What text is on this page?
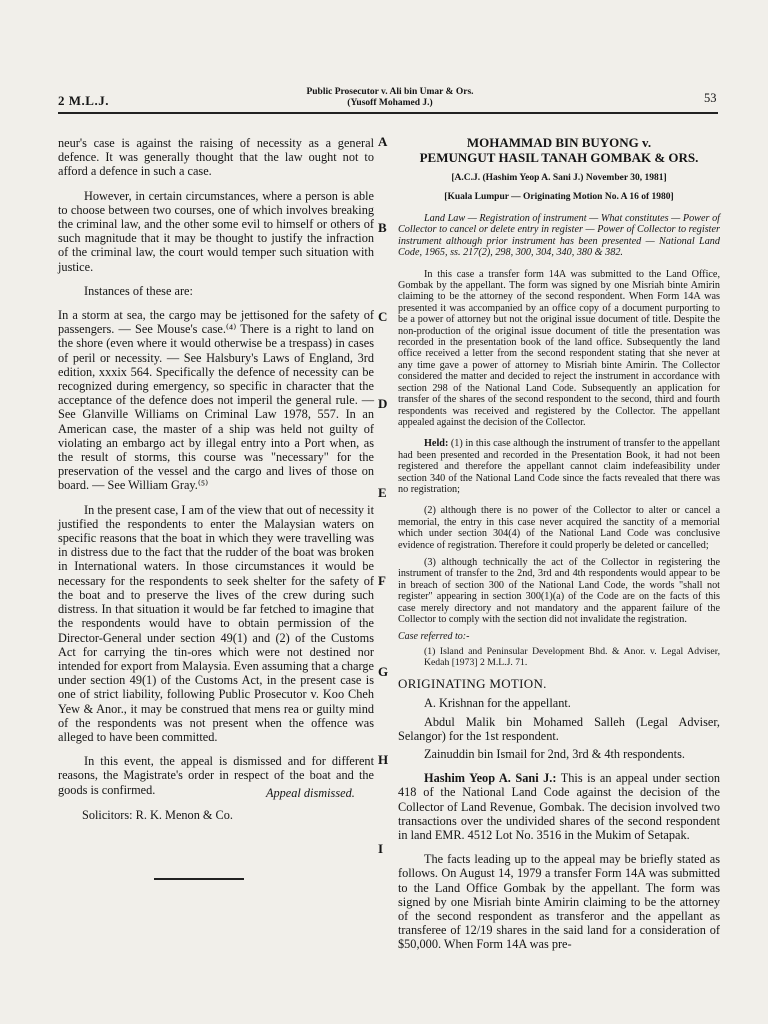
2 M.L.J.
Public Prosecutor v. Ali bin Umar & Ors.
(Yusoff Mohamed J.)	53

neur's case is against the raising of necessity as a general defence. It was generally thought that the law ought not to afford a defence in such a case.

However, in certain circumstances, where a person is able to choose between two courses, one of which involves breaking the criminal law, and the other some evil to himself or others of such magnitude that it may be thought to justify the infraction of the criminal law, the court would temper such situation with justice.

Instances of these are:

In a storm at sea, the cargo may be jettisoned for the safety of passengers. — See Mouse's case.⁽⁴⁾ There is a right to land on the shore (even where it would otherwise be a trespass) in cases of peril or necessity. — See Halsbury's Laws of England, 3rd edition, xxxix 564. Specifically the defence of necessity can be recognized during emergency, so specific in character that the acceptance of the defence does not imperil the general rule. — See Glanville Williams on Criminal Law 1978, 557. In an American case, the master of a ship was held not guilty of violating an embargo act by illegal entry into a Port when, as the result of storms, this course was "necessary" for the preservation of the vessel and the cargo and lives of those on board. — See William Gray.⁽⁵⁾

In the present case, I am of the view that out of necessity it justified the respondents to enter the Malaysian waters on specific reasons that the boat in which they were travelling was in distress due to the fact that the rudder of the boat was broken in International waters. In those circumstances it would be necessary for the respondents to seek shelter for the safety of the boat and to preserve the lives of the crew during such distress. In that situation it would be far fetched to imagine that the respondents would have to obtain permission of the Director-General under section 49(1) and (2) of the Customs Act for carrying the tin-ores which were not destined nor intended for export from Malaysia. Even assuming that a charge under section 49(1) of the Customs Act, in the present case is one of strict liability, following Public Prosecutor v. Koo Cheh Yew & Anor., it may be construed that mens rea or guilty mind of the respondents was not present when the offence was alleged to have been committed.

In this event, the appeal is dismissed and for different reasons, the Magistrate's order in respect of the boat and the goods is confirmed.	Appeal dismissed.
Solicitors: R. K. Menon & Co.
A
B
C
D
E
F
G
H
I

MOHAMMAD BIN BUYONG v.

PEMUNGUT HASIL TANAH GOMBAK & ORS.

[A.C.J. (Hashim Yeop A. Sani J.) November 30, 1981]

[Kuala Lumpur — Originating Motion No. A 16 of 1980]

Land Law — Registration of instrument — What constitutes — Power of Collector to cancel or delete entry in register — Power of Collector to register instrument although prior instrument has been presented — National Land Code, 1965, ss. 217(2), 298, 300, 304, 340, 380 & 382.

In this case a transfer form 14A was submitted to the Land Office, Gombak by the appellant. The form was signed by one Misriah binte Amirin claiming to be the attorney of the second respondent. When Form 14A was presented it was accompanied by an office copy of a document purporting to be a power of attorney but not the original issue document of title. Despite the non-production of the original issue document of title the presentation was recorded in the presentation book of the land office. Subsequently the land office received a letter from the second respondent stating that she never at any time gave a power of attorney to Misriah binte Amirin. The Collector considered the matter and decided to reject the instrument in accordance with section 298 of the National Land Code. Subsequently an application for transfer of the shares of the second respondent to the second, third and fourth respondents was received and registered by the Collector. The appellant appealed against the decision of the Collector.

Held: (1) in this case although the instrument of transfer to the appellant had been presented and recorded in the Presentation Book, it had not been registered and therefore the appellant cannot claim indefeasibility under section 340 of the National Land Code since the facts revealed that there was no registration;

(2) although there is no power of the Collector to alter or cancel a memorial, the entry in this case never acquired the sanctity of a memorial which under section 304(4) of the National Land Code was conclusive evidence of registration. Therefore it could properly be deleted or cancelled;

(3) although technically the act of the Collector in registering the instrument of transfer to the 2nd, 3rd and 4th respondents would appear to be in breach of section 300 of the National Land Code, the words "shall not register" appearing in section 300(1)(a) of the Code are on the facts of this case merely directory and not mandatory and the apparent failure of the Collector to comply with the section did not invalidate the registration.

Case referred to:-

(1) Island and Peninsular Development Bhd. & Anor. v. Legal Adviser, Kedah [1973] 2 M.L.J. 71.

ORIGINATING MOTION.

A. Krishnan for the appellant.

Abdul Malik bin Mohamed Salleh (Legal Adviser, Selangor) for the 1st respondent.

Zainuddin bin Ismail for 2nd, 3rd & 4th respondents.

Hashim Yeop A. Sani J.: This is an appeal under section 418 of the National Land Code against the decision of the Collector of Land Revenue, Gombak. The decision involved two transactions over the undivided shares of the second respondent in land EMR. 4512 Lot No. 3516 in the Mukim of Setapak.

The facts leading up to the appeal may be briefly stated as follows. On August 14, 1979 a transfer Form 14A was submitted to the Land Office Gombak by the appellant. The form was signed by one Misriah binte Amirin claiming to be the attorney of the second respondent as transferor and the appellant as transferee of 12/19 shares in the said land for a consideration of $50,000. When Form 14A was pre-
